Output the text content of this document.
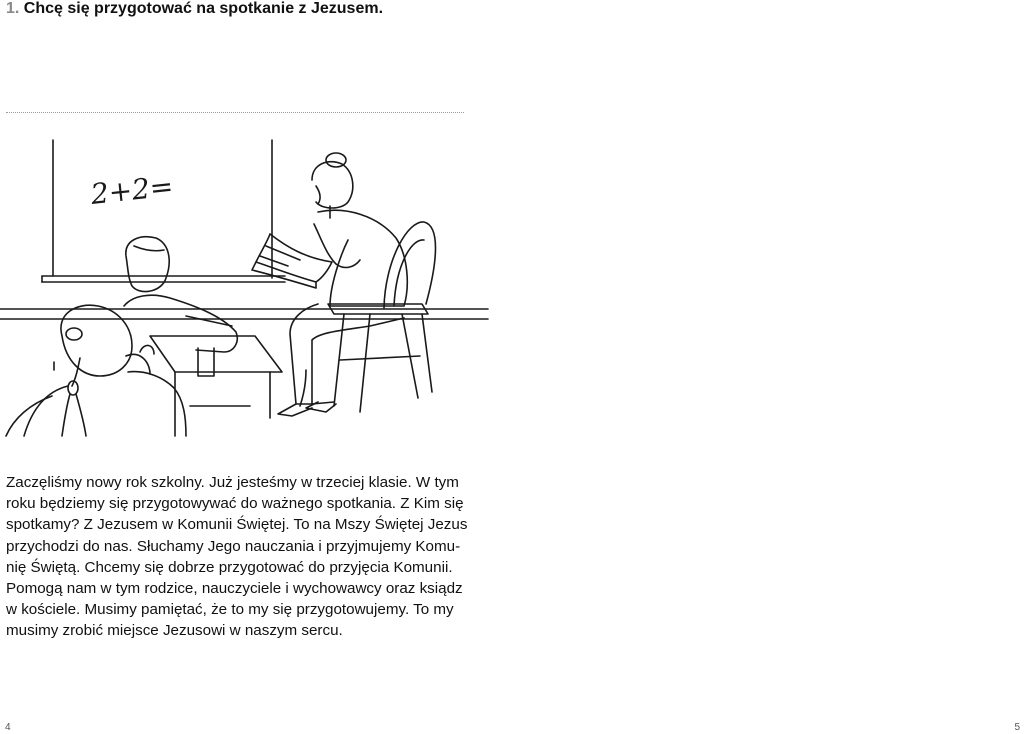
1. Chcę się przygotować na spotkanie z Jezusem.
2+2=

Zaczęliśmy nowy rok szkolny. Już jesteśmy w trzeciej klasie. W tym
roku będziemy się przygotowywać do ważnego spotkania. Z Kim się
spotkamy? Z Jezusem w Komunii Świętej. To na Mszy Świętej Jezus
przychodzi do nas. Słuchamy Jego nauczania i przyjmujemy Komu-
nię Świętą. Chcemy się dobrze przygotować do przyjęcia Komunii.
Pomogą nam w tym rodzice, nauczyciele i wychowawcy oraz ksiądz
w kościele. Musimy pamiętać, że to my się przygotowujemy. To my
musimy zrobić miejsce Jezusowi w naszym sercu.

4	5
